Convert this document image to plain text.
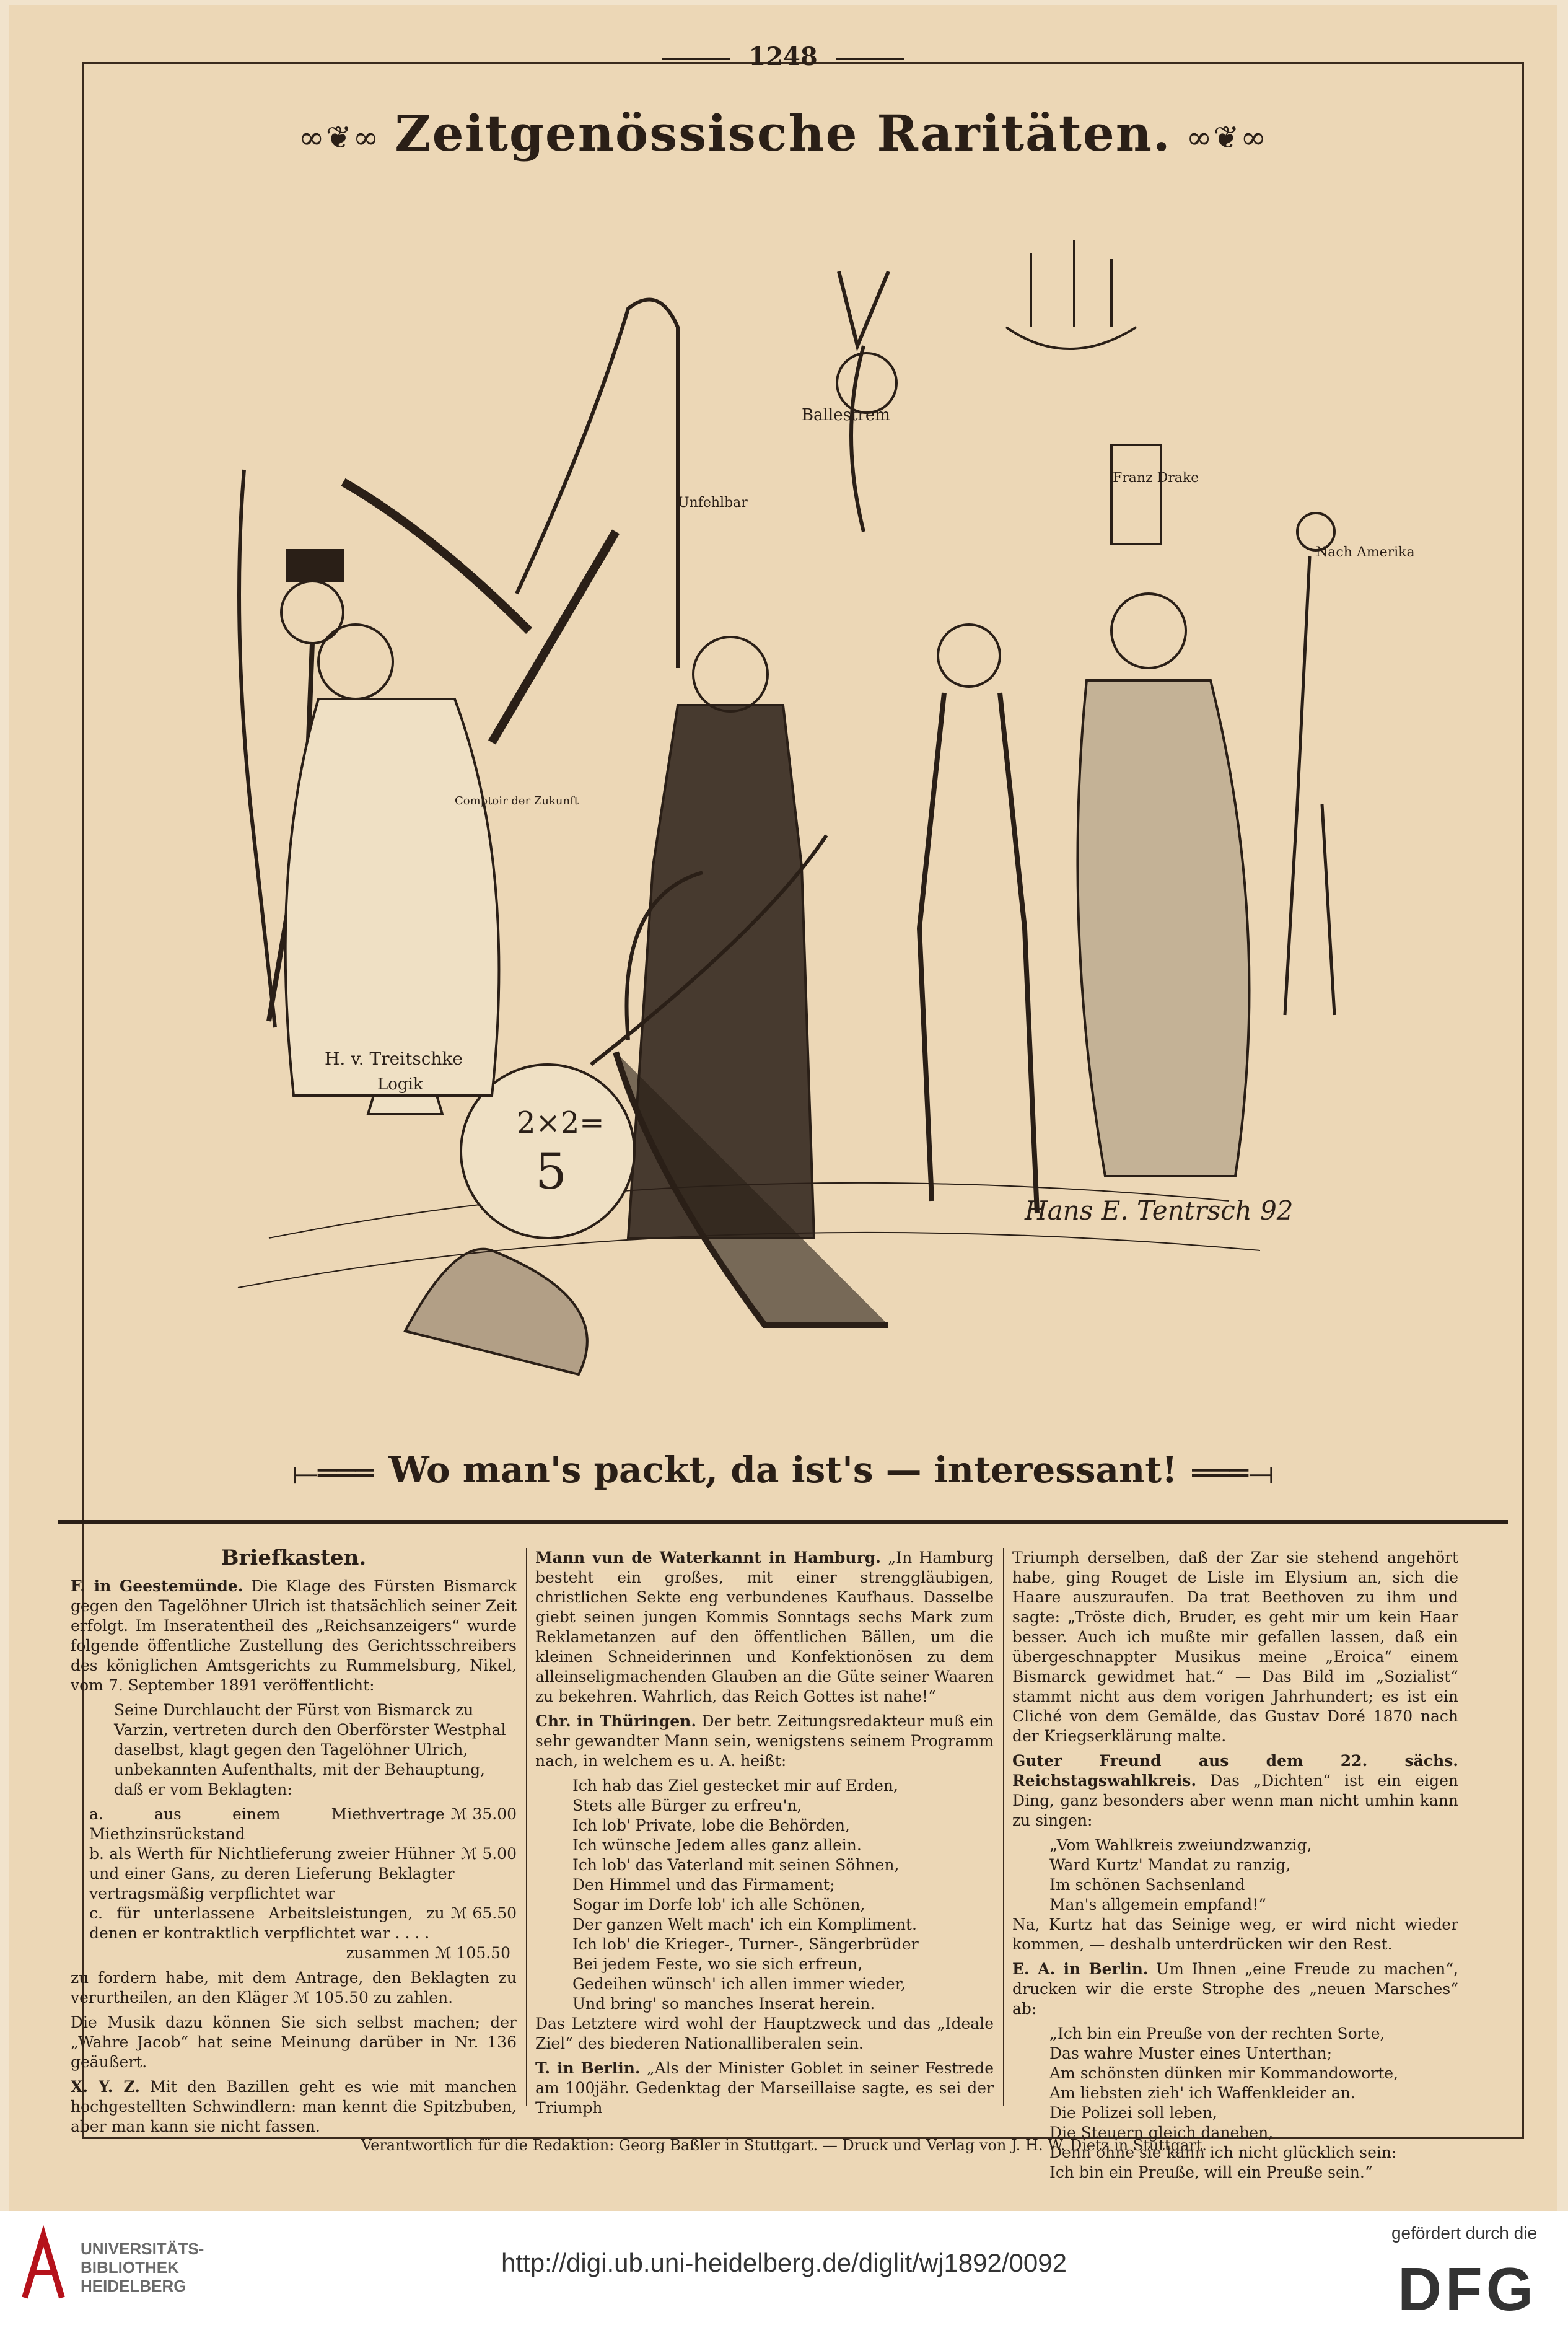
1248
∞❦∞ Zeitgenössische Raritäten. ∞❦∞
Ballestrem
Unfehlbar
Franz Drake
Nach Amerika
Logik
2×2=
5
H. v. Treitschke
Comptoir der Zukunft
Hans E. Tentrsch 92
⟝═══ Wo man's packt, da ist's — interessant! ═══⟞
Briefkasten.

F. in Geestemünde. Die Klage des Fürsten Bismarck gegen den Tagelöhner Ulrich ist thatsächlich seiner Zeit erfolgt. Im Inseratentheil des „Reichsanzeigers“ wurde folgende öffentliche Zustellung des Gerichtsschreibers des königlichen Amtsgerichts zu Rummelsburg, Nikel, vom 7. September 1891 veröffentlicht:

Seine Durchlaucht der Fürst von Bismarck zu Varzin, vertreten durch den Oberförster Westphal daselbst, klagt gegen den Tagelöhner Ulrich, unbekannten Aufenthalts, mit der Behauptung, daß er vom Beklagten:

a. aus einem Miethvertrage Miethzinsrückstand
ℳ 35.00
b. als Werth für Nichtlieferung zweier Hühner und einer Gans, zu deren Lieferung Beklagter vertragsmäßig verpflichtet war
ℳ 5.00
c. für unterlassene Arbeitsleistungen, zu denen er kontraktlich verpflichtet war . . . .
ℳ 65.50
zusammen ℳ 105.50

zu fordern habe, mit dem Antrage, den Beklagten zu verurtheilen, an den Kläger ℳ 105.50 zu zahlen.

Die Musik dazu können Sie sich selbst machen; der „Wahre Jacob“ hat seine Meinung darüber in Nr. 136 geäußert.

X. Y. Z. Mit den Bazillen geht es wie mit manchen hochgestellten Schwindlern: man kennt die Spitzbuben, aber man kann sie nicht fassen.

Mann vun de Waterkannt in Hamburg. „In Hamburg besteht ein großes, mit einer strenggläubigen, christlichen Sekte eng verbundenes Kaufhaus. Dasselbe giebt seinen jungen Kommis Sonntags sechs Mark zum Reklametanzen auf den öffentlichen Bällen, um die kleinen Schneiderinnen und Konfektionösen zu dem alleinseligmachenden Glauben an die Güte seiner Waaren zu bekehren. Wahrlich, das Reich Gottes ist nahe!“

Chr. in Thüringen. Der betr. Zeitungsredakteur muß ein sehr gewandter Mann sein, wenigstens seinem Programm nach, in welchem es u. A. heißt:

Ich hab das Ziel gestecket mir auf Erden,

Stets alle Bürger zu erfreu'n,

Ich lob' Private, lobe die Behörden,

Ich wünsche Jedem alles ganz allein.

Ich lob' das Vaterland mit seinen Söhnen,

Den Himmel und das Firmament;

Sogar im Dorfe lob' ich alle Schönen,

Der ganzen Welt mach' ich ein Kompliment.

Ich lob' die Krieger-, Turner-, Sängerbrüder

Bei jedem Feste, wo sie sich erfreun,

Gedeihen wünsch' ich allen immer wieder,

Und bring' so manches Inserat herein.

Das Letztere wird wohl der Hauptzweck und das „Ideale Ziel“ des biederen Nationalliberalen sein.

T. in Berlin. „Als der Minister Goblet in seiner Festrede am 100jähr. Gedenktag der Marseillaise sagte, es sei der Triumph

Triumph derselben, daß der Zar sie stehend angehört habe, ging Rouget de Lisle im Elysium an, sich die Haare auszuraufen. Da trat Beethoven zu ihm und sagte: „Tröste dich, Bruder, es geht mir um kein Haar besser. Auch ich mußte mir gefallen lassen, daß ein übergeschnappter Musikus meine „Eroica“ einem Bismarck gewidmet hat.“ — Das Bild im „Sozialist“ stammt nicht aus dem vorigen Jahrhundert; es ist ein Cliché von dem Gemälde, das Gustav Doré 1870 nach der Kriegserklärung malte.

Guter Freund aus dem 22. sächs. Reichstagswahlkreis. Das „Dichten“ ist ein eigen Ding, ganz besonders aber wenn man nicht umhin kann zu singen:

„Vom Wahlkreis zweiundzwanzig,

Ward Kurtz' Mandat zu ranzig,

Im schönen Sachsenland

Man's allgemein empfand!“

Na, Kurtz hat das Seinige weg, er wird nicht wieder kommen, — deshalb unterdrücken wir den Rest.

E. A. in Berlin. Um Ihnen „eine Freude zu machen“, drucken wir die erste Strophe des „neuen Marsches“ ab:

„Ich bin ein Preuße von der rechten Sorte,

Das wahre Muster eines Unterthan;

Am schönsten dünken mir Kommandoworte,

Am liebsten zieh' ich Waffenkleider an.

Die Polizei soll leben,

Die Steuern gleich daneben,

Denn ohne sie kann ich nicht glücklich sein:

Ich bin ein Preuße, will ein Preuße sein.“

Verantwortlich für die Redaktion: Georg Baßler in Stuttgart. — Druck und Verlag von J. H. W. Dietz in Stuttgart.
UNIVERSITÄTS-
BIBLIOTHEK
HEIDELBERG
http://digi.ub.uni-heidelberg.de/diglit/wj1892/0092
gefördert durch die
DFG
